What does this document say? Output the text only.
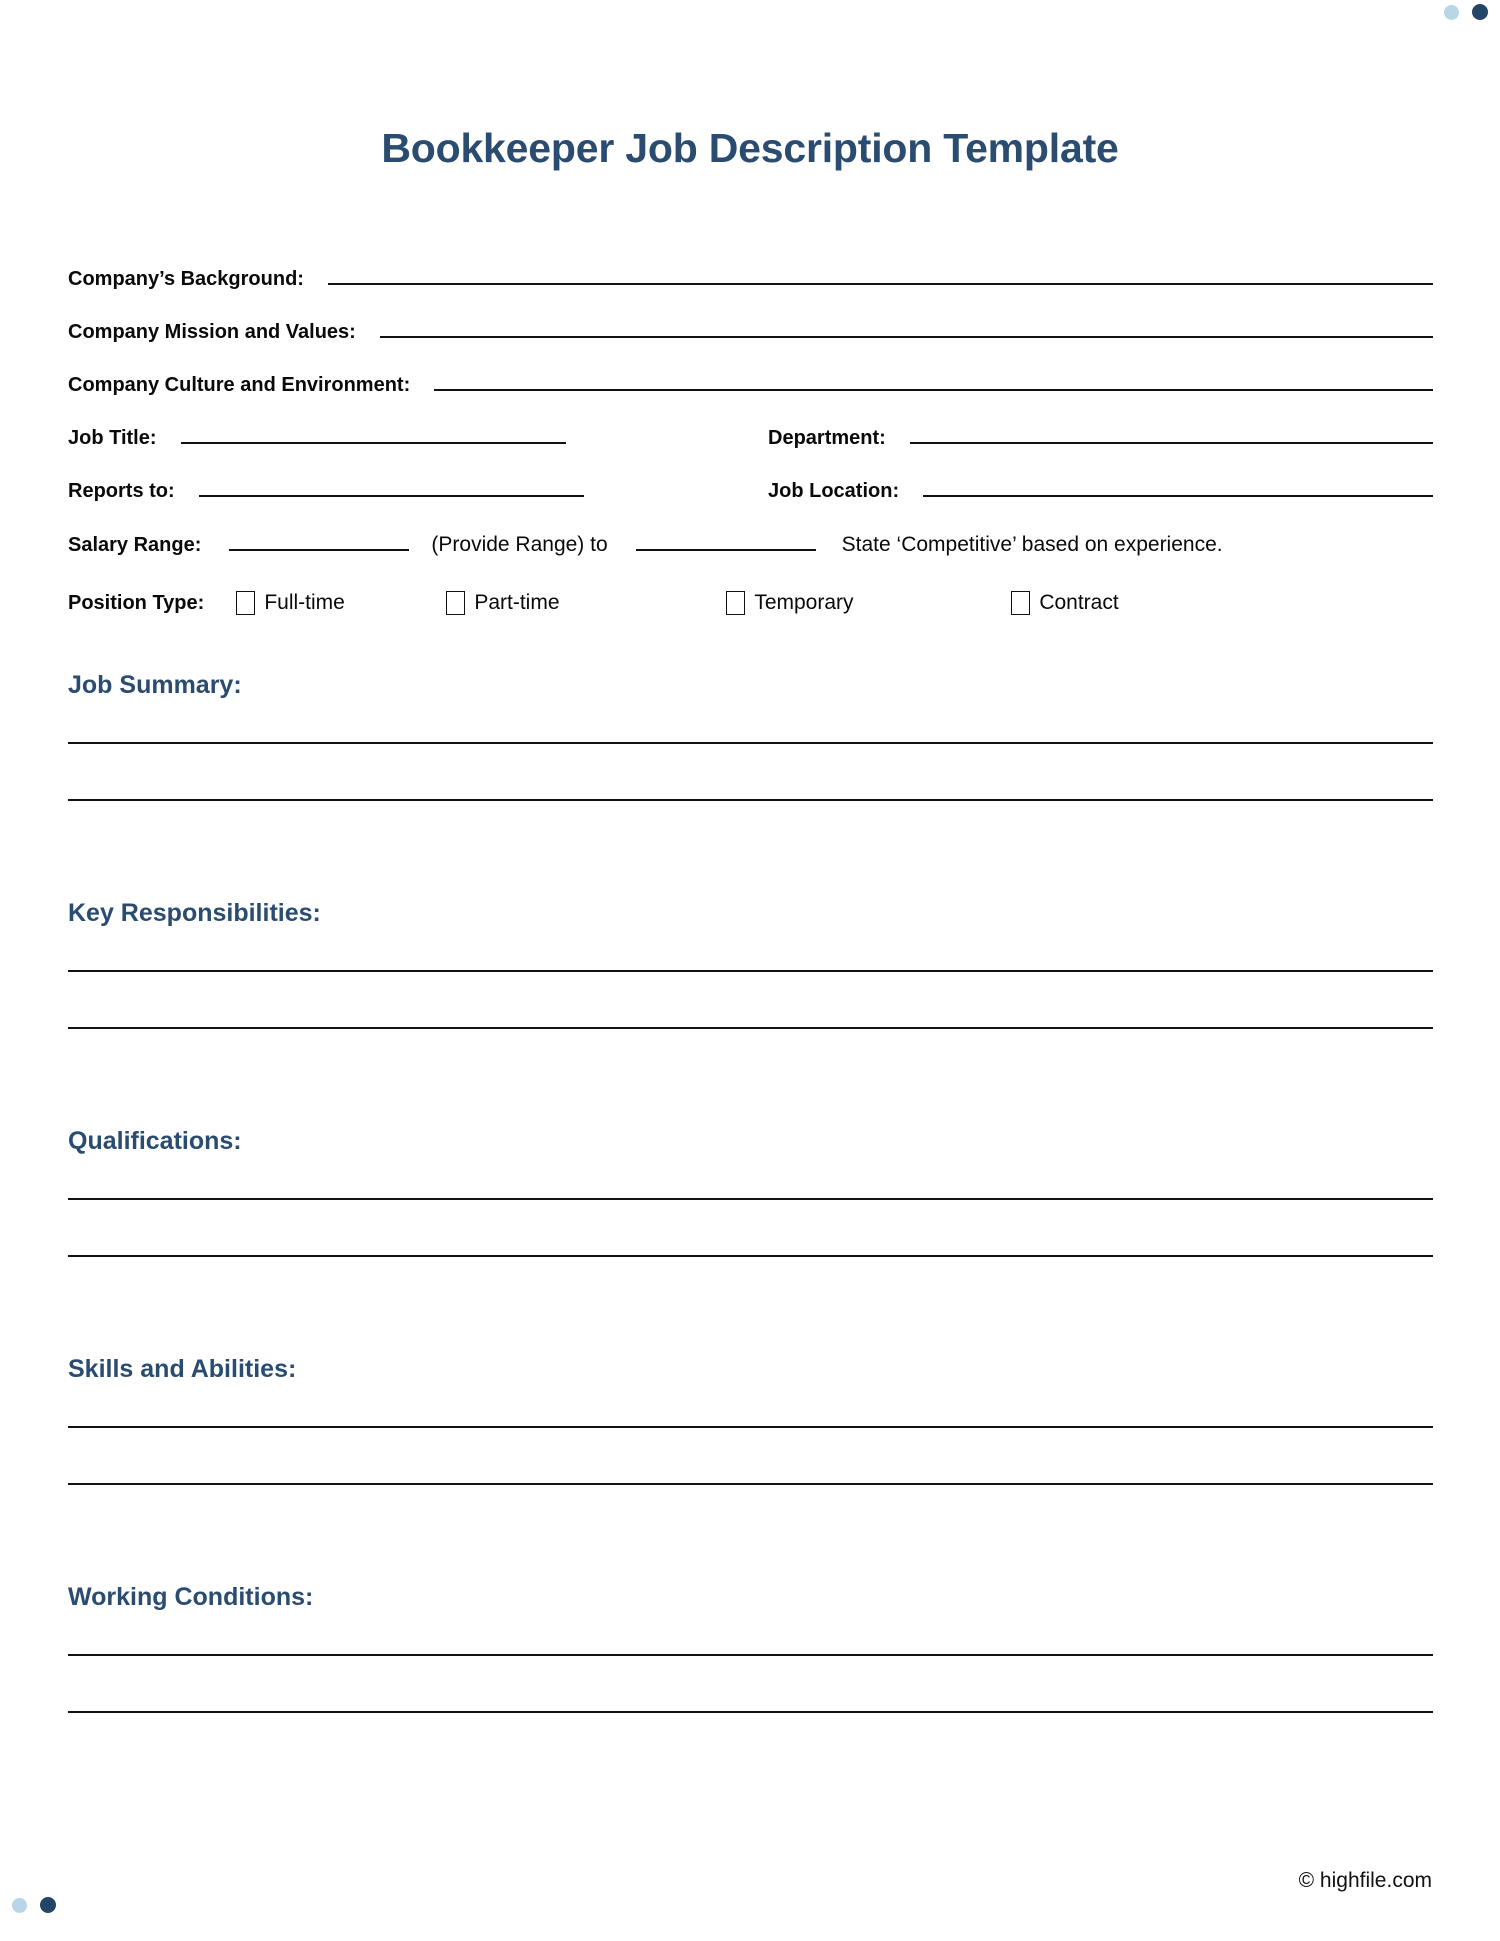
Bookkeeper Job Description Template
Company’s Background:
Company Mission and Values:
Company Culture and Environment:
Job Title:	Department:
Reports to:	Job Location:
Salary Range:	(Provide Range) to	State ‘Competitive’ based on experience.
Position Type:	Full-time	Part-time	Temporary	Contract
Job Summary:
Key Responsibilities:
Qualifications:
Skills and Abilities:
Working Conditions:
© highfile.com
